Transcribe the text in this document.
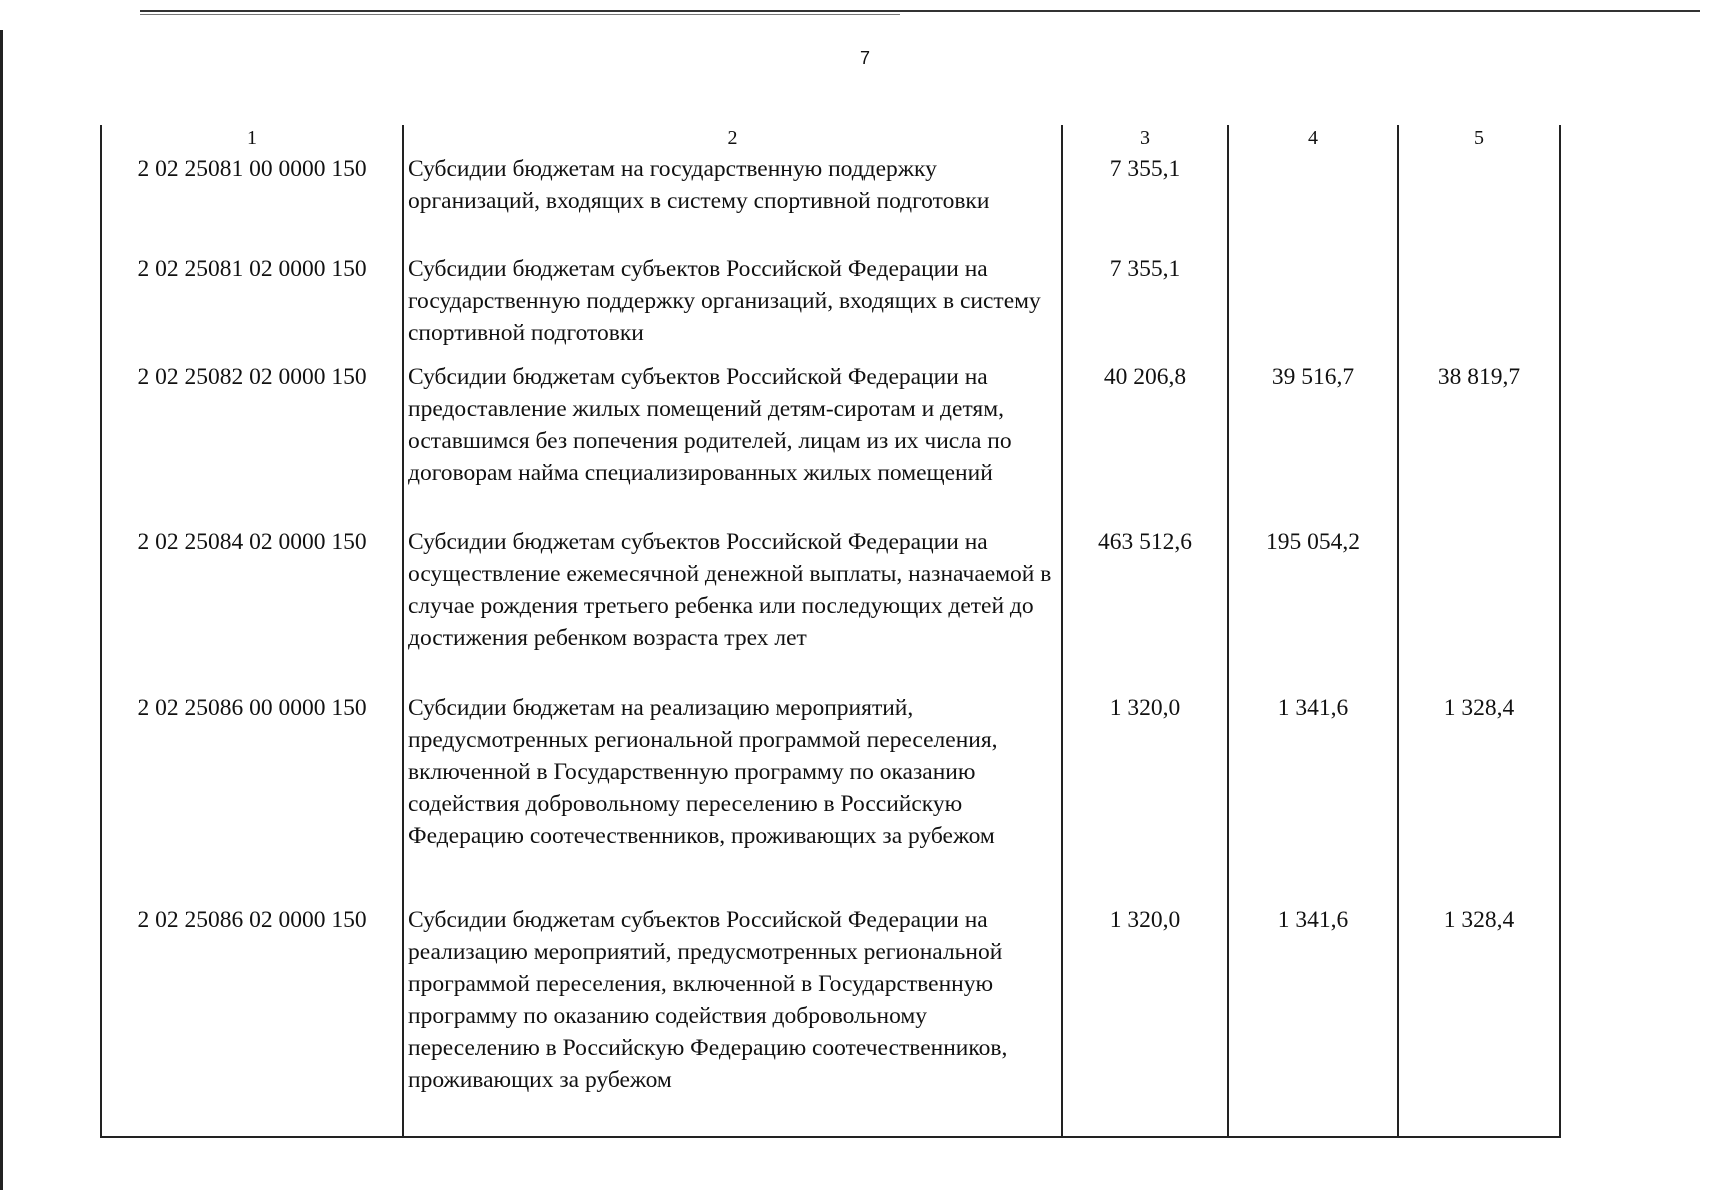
7
1	2	3	4	5
2 02 25081 00 0000 150	Субсидии бюджетам на государственную поддержку организаций, входящих в систему спортивной подготовки	7 355,1		
2 02 25081 02 0000 150	Субсидии бюджетам субъектов Российской Федерации на государственную поддержку организаций, входящих в систему спортивной подготовки	7 355,1		
2 02 25082 02 0000 150	Субсидии бюджетам субъектов Российской Федерации на предоставление жилых помещений детям-сиротам и детям, оставшимся без попечения родителей, лицам из их числа по договорам найма специализированных жилых помещений	40 206,8	39 516,7	38 819,7
2 02 25084 02 0000 150	Субсидии бюджетам субъектов Российской Федерации на осуществление ежемесячной денежной выплаты, назначаемой в случае рождения третьего ребенка или последующих детей до достижения ребенком возраста трех лет	463 512,6	195 054,2	
2 02 25086 00 0000 150	Субсидии бюджетам на реализацию мероприятий, предусмотренных региональной программой переселения, включенной в Государственную программу по оказанию содействия добровольному переселению в Российскую Федерацию соотечественников, проживающих за рубежом	1 320,0	1 341,6	1 328,4
2 02 25086 02 0000 150	Субсидии бюджетам субъектов Российской Федерации на реализацию мероприятий, предусмотренных региональной программой переселения, включенной в Государственную программу по оказанию содействия добровольному переселению в Российскую Федерацию соотечественников, проживающих за рубежом	1 320,0	1 341,6	1 328,4
